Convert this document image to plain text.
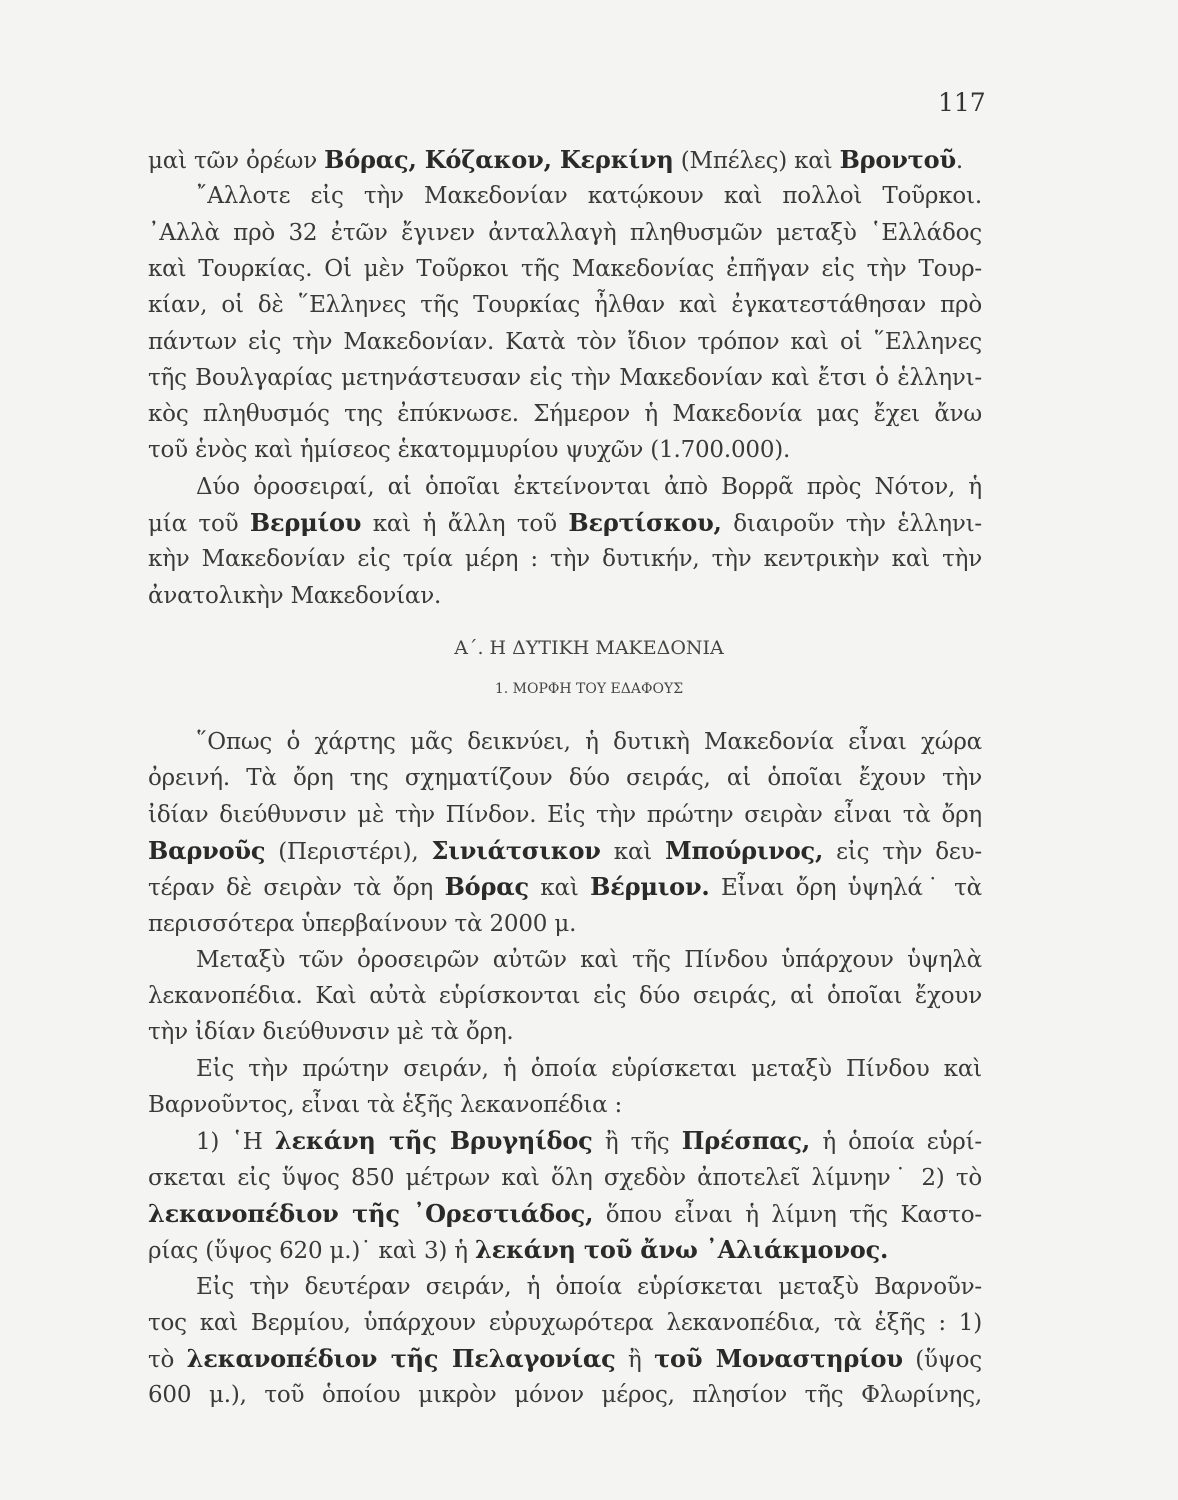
117
μαὶ τῶν ὀρέων Βόρας, Κόζακον, Κερκίνη (Μπέλες) καὶ Βροντοῦ.
῎Αλλοτε εἰς τὴν Μακεδονίαν κατῴκουν καὶ πολλοὶ Τοῦρκοι.
᾿Αλλὰ πρὸ 32 ἐτῶν ἔγινεν ἀνταλλαγὴ πληθυσμῶν μεταξὺ ῾Ελλάδος
καὶ Τουρκίας. Οἱ μὲν Τοῦρκοι τῆς Μακεδονίας ἐπῆγαν εἰς τὴν Τουρ-
κίαν, οἱ δὲ ῞Ελληνες τῆς Τουρκίας ἦλθαν καὶ ἐγκατεστάθησαν πρὸ
πάντων εἰς τὴν Μακεδονίαν. Κατὰ τὸν ἴδιον τρόπον καὶ οἱ ῞Ελληνες
τῆς Βουλγαρίας μετηνάστευσαν εἰς τὴν Μακεδονίαν καὶ ἔτσι ὁ ἑλληνι-
κὸς πληθυσμός της ἐπύκνωσε. Σήμερον ἡ Μακεδονία μας ἔχει ἄνω
τοῦ ἑνὸς καὶ ἡμίσεος ἑκατομμυρίου ψυχῶν (1.700.000).
Δύο ὀροσειραί, αἱ ὁποῖαι ἐκτείνονται ἀπὸ Βορρᾶ πρὸς Νότον, ἡ
μία τοῦ Βερμίου καὶ ἡ ἄλλη τοῦ Βερτίσκου, διαιροῦν τὴν ἑλληνι-
κὴν Μακεδονίαν εἰς τρία μέρη : τὴν δυτικήν, τὴν κεντρικὴν καὶ τὴν
ἀνατολικὴν Μακεδονίαν.
Α΄. Η ΔΥΤΙΚΗ ΜΑΚΕΔΟΝΙΑ
1. ΜΟΡΦΗ ΤΟΥ ΕΔΑΦΟΥΣ
῞Οπως ὁ χάρτης μᾶς δεικνύει, ἡ δυτικὴ Μακεδονία εἶναι χώρα
ὀρεινή. Τὰ ὄρη της σχηματίζουν δύο σειράς, αἱ ὁποῖαι ἔχουν τὴν
ἰδίαν διεύθυνσιν μὲ τὴν Πίνδον. Εἰς τὴν πρώτην σειρὰν εἶναι τὰ ὄρη
Βαρνοῦς (Περιστέρι), Σινιάτσικον καὶ Μπούρινος, εἰς τὴν δευ-
τέραν δὲ σειρὰν τὰ ὄρη Βόρας καὶ Βέρμιον. Εἶναι ὄρη ὑψηλά˙ τὰ
περισσότερα ὑπερβαίνουν τὰ 2000 μ.
Μεταξὺ τῶν ὀροσειρῶν αὐτῶν καὶ τῆς Πίνδου ὑπάρχουν ὑψηλὰ
λεκανοπέδια. Καὶ αὐτὰ εὑρίσκονται εἰς δύο σειράς, αἱ ὁποῖαι ἔχουν
τὴν ἰδίαν διεύθυνσιν μὲ τὰ ὄρη.
Εἰς τὴν πρώτην σειράν, ἡ ὁποία εὑρίσκεται μεταξὺ Πίνδου καὶ
Βαρνοῦντος, εἶναι τὰ ἑξῆς λεκανοπέδια :
1) ῾Η λεκάνη τῆς Βρυγηίδος ἢ τῆς Πρέσπας, ἡ ὁποία εὑρί-
σκεται εἰς ὕψος 850 μέτρων καὶ ὅλη σχεδὸν ἀποτελεῖ λίμνην˙ 2) τὸ
λεκανοπέδιον τῆς ᾿Ορεστιάδος, ὅπου εἶναι ἡ λίμνη τῆς Καστο-
ρίας (ὕψος 620 μ.)˙ καὶ 3) ἡ λεκάνη τοῦ ἄνω ᾿Αλιάκμονος.
Εἰς τὴν δευτέραν σειράν, ἡ ὁποία εὑρίσκεται μεταξὺ Βαρνοῦν-
τος καὶ Βερμίου, ὑπάρχουν εὐρυχωρότερα λεκανοπέδια, τὰ ἑξῆς : 1)
τὸ λεκανοπέδιον τῆς Πελαγονίας ἢ τοῦ Μοναστηρίου (ὕψος
600 μ.), τοῦ ὁποίου μικρὸν μόνον μέρος, πλησίον τῆς Φλωρίνης,
